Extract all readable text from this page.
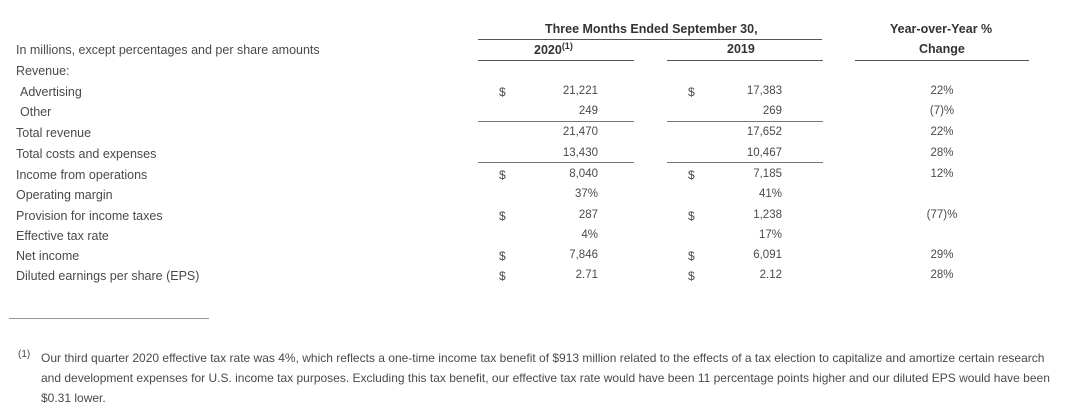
Three Months Ended September 30,
2020$^{(1)}$	2019
Year-over-Year %
Change
In millions, except percentages and per share amounts
Revenue:
Advertising	$	21,221	$	17,383	22%
Other	249	269	(7)%
Total revenue	21,470	17,652	22%
Total costs and expenses	13,430	10,467	28%
Income from operations	$	8,040	$	7,185	12%
Operating margin	37%	41%
Provision for income taxes	$	287	$	1,238	(77)%
Effective tax rate	4%	17%
Net income	$	7,846	$	6,091	29%
Diluted earnings per share (EPS)	$	2.71	$	2.12	28%
(1) Our third quarter 2020 effective tax rate was 4%, which reflects a one-time income tax benefit of $913 million related to the effects of a tax election to capitalize and amortize certain research and development expenses for U.S. income tax purposes. Excluding this tax benefit, our effective tax rate would have been 11 percentage points higher and our diluted EPS would have been $0.31 lower.
